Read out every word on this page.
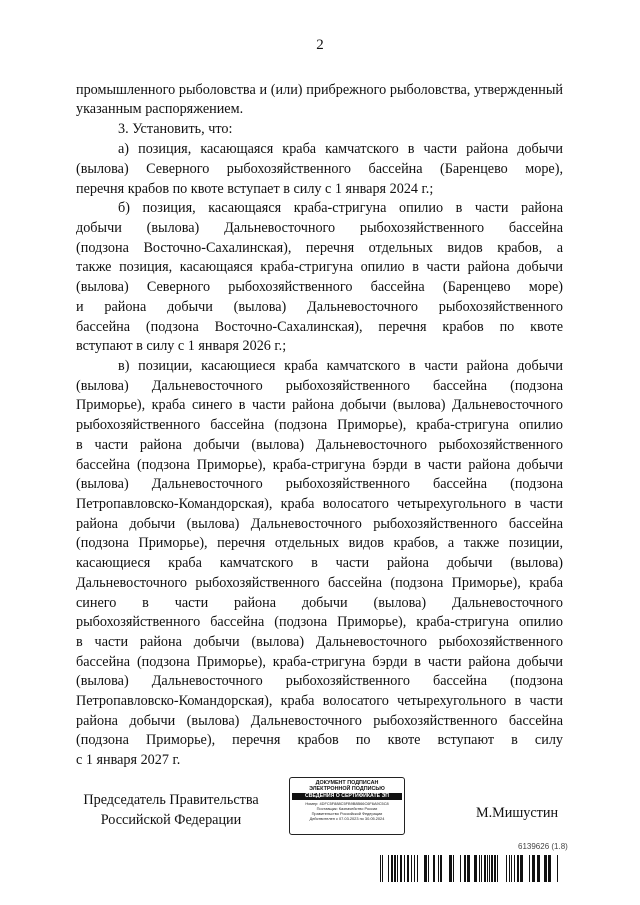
2
промышленного рыболовства и (или) прибрежного рыболовства, утвержденный
указанным распоряжением.
3. Установить, что:
а) позиция, касающаяся краба камчатского в части района добычи
(вылова) Северного рыбохозяйственного бассейна (Баренцево море),
перечня крабов по квоте вступает в силу с 1 января 2024 г.;
б) позиция, касающаяся краба-стригуна опилио в части района
добычи (вылова) Дальневосточного рыбохозяйственного бассейна
(подзона Восточно-Сахалинская), перечня отдельных видов крабов, а
также позиция, касающаяся краба-стригуна опилио в части района добычи
(вылова) Северного рыбохозяйственного бассейна (Баренцево море)
и района добычи (вылова) Дальневосточного рыбохозяйственного
бассейна (подзона Восточно-Сахалинская), перечня крабов по квоте
вступают в силу с 1 января 2026 г.;
в) позиции, касающиеся краба камчатского в части района добычи
(вылова) Дальневосточного рыбохозяйственного бассейна (подзона
Приморье), краба синего в части района добычи (вылова) Дальневосточного
рыбохозяйственного бассейна (подзона Приморье), краба-стригуна опилио
в части района добычи (вылова) Дальневосточного рыбохозяйственного
бассейна (подзона Приморье), краба-стригуна бэрди в части района добычи
(вылова) Дальневосточного рыбохозяйственного бассейна (подзона
Петропавловско-Командорская), краба волосатого четырехугольного в части
района добычи (вылова) Дальневосточного рыбохозяйственного бассейна
(подзона Приморье), перечня отдельных видов крабов, а также позиции,
касающиеся краба камчатского в части района добычи (вылова)
Дальневосточного рыбохозяйственного бассейна (подзона Приморье), краба
синего в части района добычи (вылова) Дальневосточного
рыбохозяйственного бассейна (подзона Приморье), краба-стригуна опилио
в части района добычи (вылова) Дальневосточного рыбохозяйственного
бассейна (подзона Приморье), краба-стригуна бэрди в части района добычи
(вылова) Дальневосточного рыбохозяйственного бассейна (подзона
Петропавловско-Командорская), краба волосатого четырехугольного в части
района добычи (вылова) Дальневосточного рыбохозяйственного бассейна
(подзона Приморье), перечня крабов по квоте вступают в силу
с 1 января 2027 г.
Председатель Правительства
Российской Федерации
ДОКУМЕНТ ПОДПИСАН
ЭЛЕКТРОННОЙ ПОДПИСЬЮ
СВЕДЕНИЯ О СЕРТИФИКАТЕ ЭП
Номер: 4DFC5F888C5FB9B8B66C6F6A9C5C8
Поставщик: Казначейство России
Правительство Российской Федерации
Действителен с 07.03.2023 по 30.05.2024	М.Мишустин
6139626 (1.8)
